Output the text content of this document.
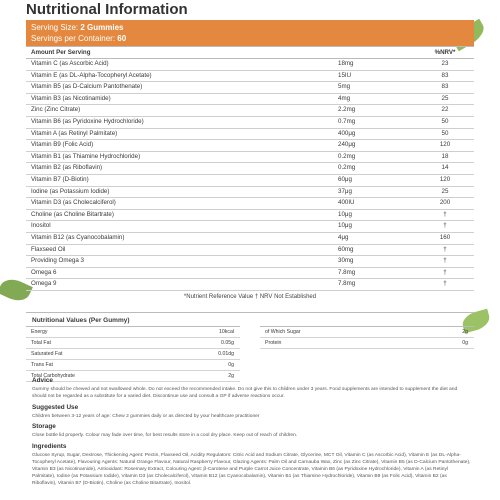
Nutritional Information
Serving Size: 2 Gummies
Servings per Container: 60
Amount Per Serving	%NRV*
Vitamin C (as Ascorbic Acid)	18mg	23
Vitamin E (as DL-Alpha-Tocopheryl Acetate)	15IU	83
Vitamin B5 (as D-Calcium Pantothenate)	5mg	83
Vitamin B3 (as Nicotinamide)	4mg	25
Zinc (Zinc Citrate)	2.2mg	22
Vitamin B6 (as Pyridoxine Hydrochloride)	0.7mg	50
Vitamin A (as Retinyl Palmitate)	400μg	50
Vitamin B9 (Folic Acid)	240μg	120
Vitamin B1 (as Thiamine Hydrochloride)	0.2mg	18
Vitamin B2 (as Riboflavin)	0.2mg	14
Vitamin B7 (D-Biotin)	60μg	120
Iodine (as Potassium Iodide)	37μg	25
Vitamin D3 (as Cholecalciferol)	400IU	200
Choline (as Choline Bitartrate)	10μg	†
Inositol	10μg	†
Vitamin B12 (as Cyanocobalamin)	4μg	160
Flaxseed Oil	60mg	†
Providing Omega 3	30mg	†
Omega 6	7.8mg	†
Omega 9	7.8mg	†
*Nutrient Reference Value † NRV Not Established
Nutritional Values (Per Gummy)
Energy	10kcal
Total Fat	0.05g
Saturated Fat	0.01dg
Trans Fat	0g
Total Carbohydrate	2g
of Which Sugar	2g
Protein	0g
Advice
Gummy should be chewed and not swallowed whole. Do not exceed the recommended intake. Do not give this to children under 3 years. Food supplements are intended to supplement the diet and should not be regarded as a substitute for a varied diet. Discontinue use and consult a GP if adverse reactions occur.
Suggested Use
Children between 3-12 years of age: Chew 2 gummies daily or as directed by your healthcare practitioner
Storage
Close bottle lid properly. Colour may fade over time, for best results store in a cool dry place. Keep out of reach of children.
Ingredients
Glucose Syrup, Sugar, Dextrose, Thickening Agent: Pectin, Flaxseed Oil, Acidity Regulators: Citric Acid and Sodium Citrate, Glycerine, MCT Oil, Vitamin C (as Ascorbic Acid), Vitamin E (as DL-Alpha-Tocopheryl Acetate), Flavouring Agents: Natural Orange Flavour, Natural Raspberry Flavour, Glazing Agents: Palm Oil and Carnauba Wax, Zinc (as Zinc Citrate), Vitamin B5 (as D-Calcium Pantothenate), Vitamin B3 (as Nicotinamide), Antioxidant: Rosemary Extract, Colouring Agent: β-Carotene and Purple Carrot Juice Concentrate, Vitamin B6 (as Pyridoxine Hydrochloride), Vitamin A (as Retinyl Palmitate), Iodine (as Potassium Iodide), Vitamin D3 (as Cholecalciferol), Vitamin B12 (as Cyanocobalamin), Vitamin B1 (as Thiamine Hydrochloride), Vitamin B9 (as Folic Acid), Vitamin B2 (as Riboflavin), Vitamin B7 (D-Biotin), Choline (as Choline Bitartrate), Inositol.
